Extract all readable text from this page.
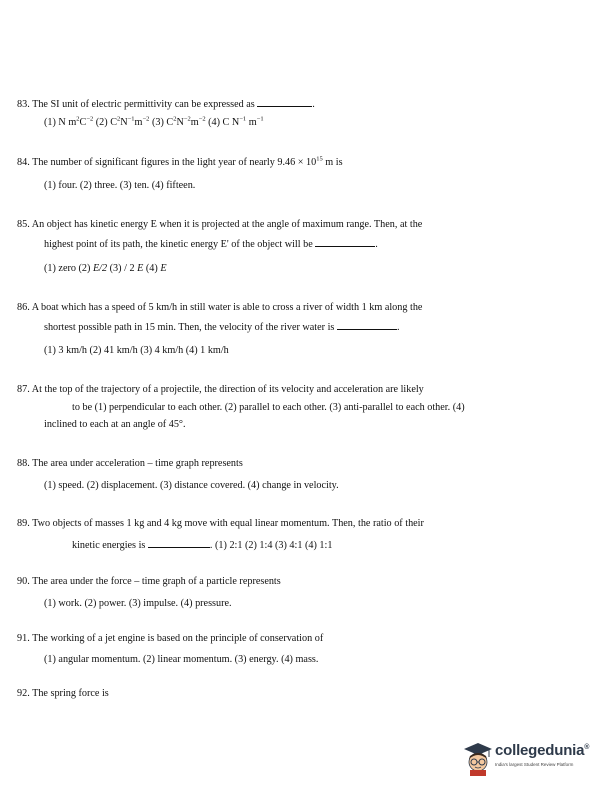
83. The SI unit of electric permittivity can be expressed as	.
(1) N $m^2C^{-2}$ (2) $C^2N^{-1}m^{-2}$ (3) $C^2N^{-2}m^{-2}$ (4) C $N^{-1}$ $m^{-1}$
84. The number of significant figures in the light year of nearly $9.46 \times 10^{15}$ m is
(1) four. (2) three. (3) ten. (4) fifteen.
85. An object has kinetic energy E when it is projected at the angle of maximum range. Then, at the
highest point of its path, the kinetic energy E' of the object will be	.
(1) zero (2) E/2 (3) / 2 E (4) E
86. A boat which has a speed of 5 km/h in still water is able to cross a river of width 1 km along the
shortest possible path in 15 min. Then, the velocity of the river water is	.
(1) 3 km/h (2) 41 km/h (3) 4 km/h (4) 1 km/h
87. At the top of the trajectory of a projectile, the direction of its velocity and acceleration are likely
to be (1) perpendicular to each other. (2) parallel to each other. (3) anti-parallel to each other. (4)
inclined to each at an angle of 45°.
88. The area under acceleration – time graph represents
(1) speed. (2) displacement. (3) distance covered. (4) change in velocity.
89. Two objects of masses 1 kg and 4 kg move with equal linear momentum. Then, the ratio of their
kinetic energies is	. (1) 2:1 (2) 1:4 (3) 4:1 (4) 1:1
90. The area under the force – time graph of a particle represents
(1) work. (2) power. (3) impulse. (4) pressure.
91. The working of a jet engine is based on the principle of conservation of
(1) angular momentum. (2) linear momentum. (3) energy. (4) mass.
92. The spring force is
collegedunia®
India's largest Student Review Platform
